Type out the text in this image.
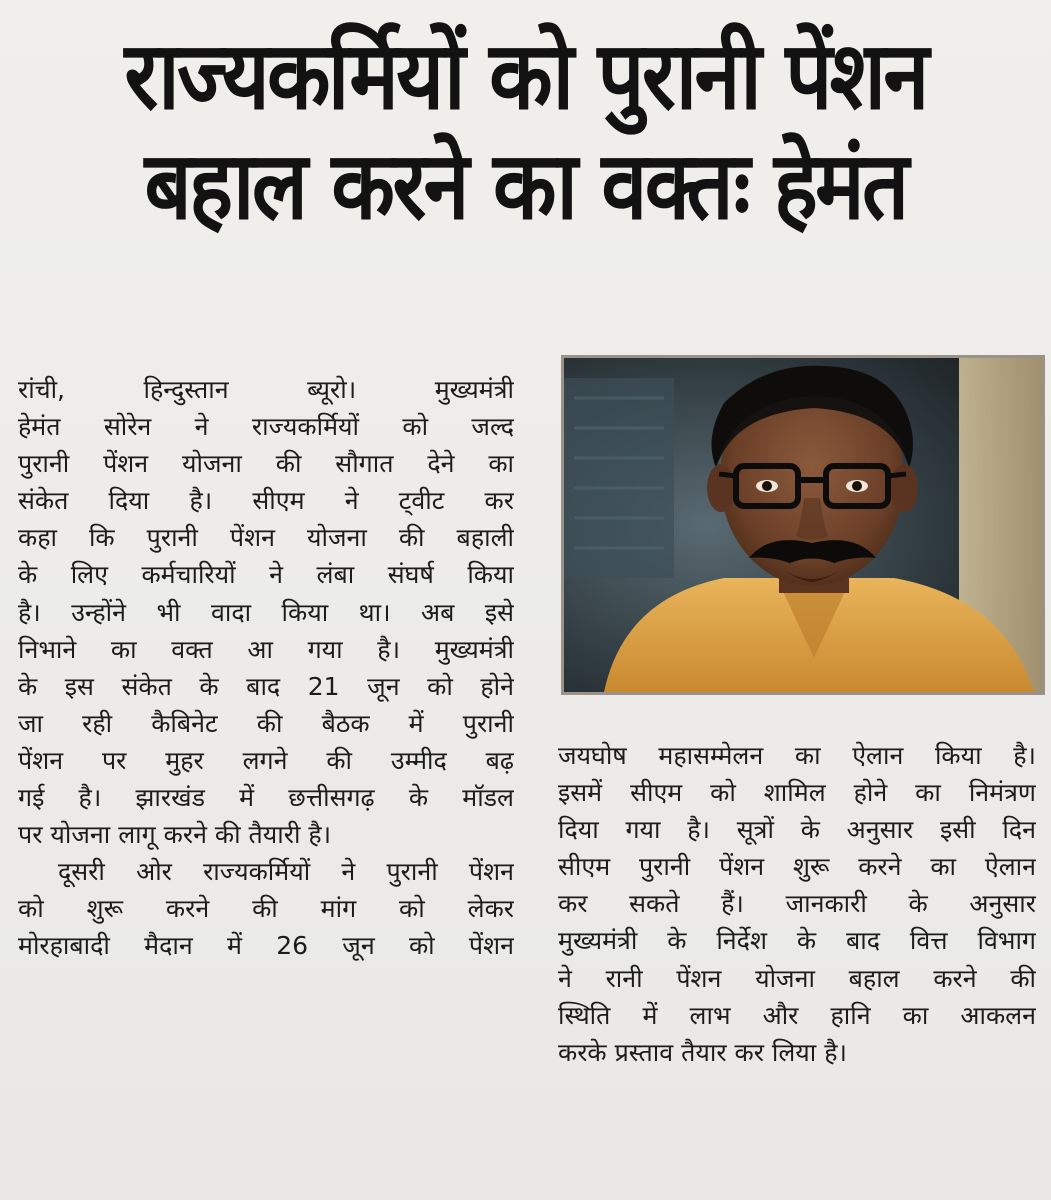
राज्यकर्मियों को पुरानी पेंशन
बहाल करने का वक्तः हेमंत
रांची, हिन्दुस्तान ब्यूरो। मुख्यमंत्री
हेमंत सोरेन ने राज्यकर्मियों को जल्द
पुरानी पेंशन योजना की सौगात देने का
संकेत दिया है। सीएम ने ट्वीट कर
कहा कि पुरानी पेंशन योजना की बहाली
के लिए कर्मचारियों ने लंबा संघर्ष किया
है। उन्होंने भी वादा किया था। अब इसे
निभाने का वक्त आ गया है। मुख्यमंत्री
के इस संकेत के बाद 21 जून को होने
जा रही कैबिनेट की बैठक में पुरानी
पेंशन पर मुहर लगने की उम्मीद बढ़
गई है। झारखंड में छत्तीसगढ़ के मॉडल
पर योजना लागू करने की तैयारी है।
दूसरी ओर राज्यकर्मियों ने पुरानी पेंशन
को शुरू करने की मांग को लेकर
मोरहाबादी मैदान में 26 जून को पेंशन
जयघोष महासम्मेलन का ऐलान किया है।
इसमें सीएम को शामिल होने का निमंत्रण
दिया गया है। सूत्रों के अनुसार इसी दिन
सीएम पुरानी पेंशन शुरू करने का ऐलान
कर सकते हैं। जानकारी के अनुसार
मुख्यमंत्री के निर्देश के बाद वित्त विभाग
ने रानी पेंशन योजना बहाल करने की
स्थिति में लाभ और हानि का आकलन
करके प्रस्ताव तैयार कर लिया है।
